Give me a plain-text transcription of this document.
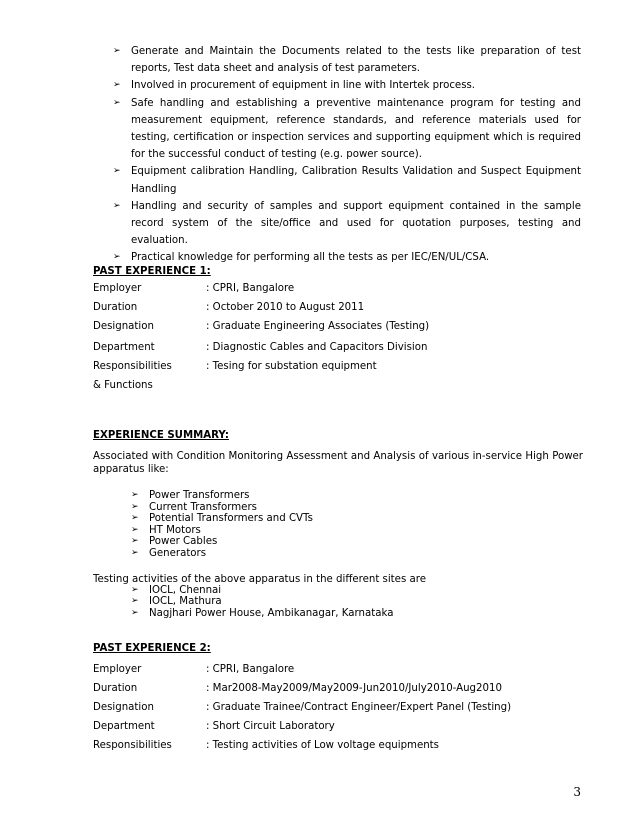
➢ Generate and Maintain the Documents related to the tests like preparation of test reports, Test data sheet and analysis of test parameters.
➢ Involved in procurement of equipment in line with Intertek process.
➢ Safe handling and establishing a preventive maintenance program for testing and measurement equipment, reference standards, and reference materials used for testing, certification or inspection services and supporting equipment which is required for the successful conduct of testing (e.g. power source).
➢ Equipment calibration Handling, Calibration Results Validation and Suspect Equipment Handling
➢ Handling and security of samples and support equipment contained in the sample record system of the site/office and used for quotation purposes, testing and evaluation.
➢ Practical knowledge for performing all the tests as per IEC/EN/UL/CSA.
PAST EXPERIENCE 1:
Employer	: CPRI, Bangalore
Duration	: October 2010 to August 2011
Designation	: Graduate Engineering Associates (Testing)
Department	: Diagnostic Cables and Capacitors Division
Responsibilities	: Tesing for substation equipment
& Functions
EXPERIENCE SUMMARY:
Associated with Condition Monitoring Assessment and Analysis of various in-service High Power apparatus like:
➢ Power Transformers
➢ Current Transformers
➢ Potential Transformers and CVTs
➢ HT Motors
➢ Power Cables
➢ Generators
Testing activities of the above apparatus in the different sites are
➢ IOCL, Chennai
➢ IOCL, Mathura
➢ Nagjhari Power House, Ambikanagar, Karnataka
PAST EXPERIENCE 2:
Employer	: CPRI, Bangalore
Duration	: Mar2008-May2009/May2009-Jun2010/July2010-Aug2010
Designation	: Graduate Trainee/Contract Engineer/Expert Panel (Testing)
Department	: Short Circuit Laboratory
Responsibilities	: Testing activities of Low voltage equipments
3
